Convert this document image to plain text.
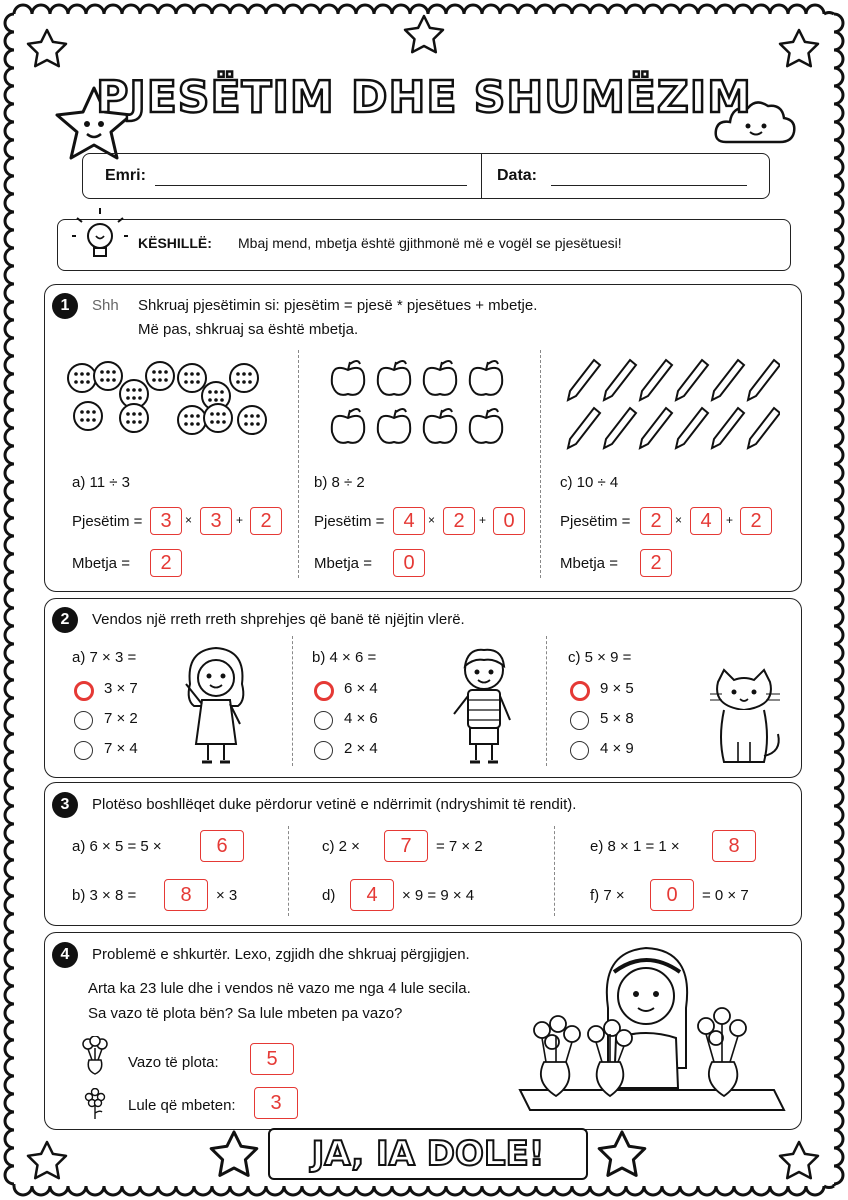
PJESËTIM DHE SHUMËZIM
Emri:	Data:
KËSHILLË: Mbaj mend, mbetja është gjithmonë më e vogël se pjesëtuesi!
1	Shh Shkruaj pjesëtimin si: pjesëtim = pjesë * pjesëtues + mbetje.
Më pas, shkruaj sa është mbetja.
a) 11 ÷ 3
Pjesëtim = 3	× 3	+ 2
Mbetja =	2
b) 8 ÷ 2
Pjesëtim = 4	× 2	+ 0
Mbetja =	0
c) 10 ÷ 4
Pjesëtim = 2	× 4	+ 2
Mbetja =	2
2	Vendos një rreth rreth shprehjes që banë të njëjtin vlerë.
a) 7 × 3 =
3 × 7
7 × 2
7 × 4
b) 4 × 6 =
6 × 4
4 × 6
2 × 4
c) 5 × 9 =
9 × 5
5 × 8
4 × 9
3	Plotëso boshllëqet duke përdorur vetinë e ndërrimit (ndryshimit të rendit).
a) 6 × 5 = 5 ×	6
b) 3 × 8 =	8	× 3
c) 2 ×	7	= 7 × 2
d)	4	× 9 = 9 × 4
e) 8 × 1 = 1 ×	8
f) 7 ×	0	= 0 × 7
4	Problemë e shkurtër. Lexo, zgjidh dhe shkruaj përgjigjen.
Arta ka 23 lule dhe i vendos në vazo me nga 4 lule secila.
Sa vazo të plota bën? Sa lule mbeten pa vazo?
Vazo të plota:	5
Lule që mbeten:	3
JA, IA DOLE!
